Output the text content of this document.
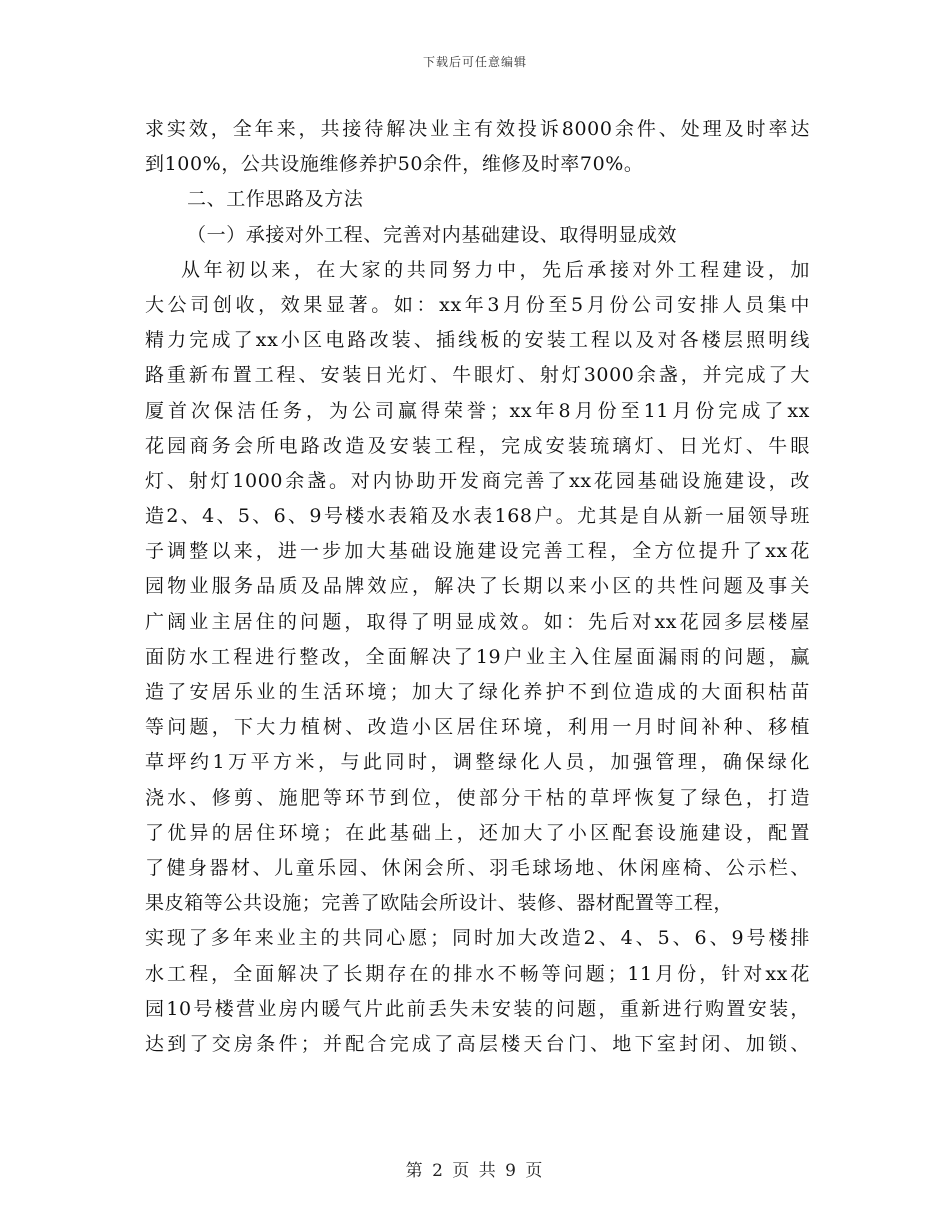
下载后可任意编辑
求实效，全年来，共接待解决业主有效投诉8000余件、处理及时率达
到100%，公共设施维修养护50余件，维修及时率70%。
二、工作思路及方法
（一）承接对外工程、完善对内基础建设、取得明显成效
从年初以来，在大家的共同努力中，先后承接对外工程建设，加
大公司创收，效果显著。如：xx年3月份至5月份公司安排人员集中
精力完成了xx小区电路改装、插线板的安装工程以及对各楼层照明线
路重新布置工程、安装日光灯、牛眼灯、射灯3000余盏，并完成了大
厦首次保洁任务，为公司赢得荣誉；xx年8月份至11月份完成了xx
花园商务会所电路改造及安装工程，完成安装琉璃灯、日光灯、牛眼
灯、射灯1000余盏。对内协助开发商完善了xx花园基础设施建设，改
造2、4、5、6、9号楼水表箱及水表168户。尤其是自从新一届领导班
子调整以来，进一步加大基础设施建设完善工程，全方位提升了xx花
园物业服务品质及品牌效应，解决了长期以来小区的共性问题及事关
广阔业主居住的问题，取得了明显成效。如：先后对xx花园多层楼屋
面防水工程进行整改，全面解决了19户业主入住屋面漏雨的问题，赢
造了安居乐业的生活环境；加大了绿化养护不到位造成的大面积枯苗
等问题，下大力植树、改造小区居住环境，利用一月时间补种、移植
草坪约1万平方米，与此同时，调整绿化人员，加强管理，确保绿化
浇水、修剪、施肥等环节到位，使部分干枯的草坪恢复了绿色，打造
了优异的居住环境；在此基础上，还加大了小区配套设施建设，配置
了健身器材、儿童乐园、休闲会所、羽毛球场地、休闲座椅、公示栏、
果皮箱等公共设施；完善了欧陆会所设计、装修、器材配置等工程，
实现了多年来业主的共同心愿；同时加大改造2、4、5、6、9号楼排
水工程，全面解决了长期存在的排水不畅等问题；11月份，针对xx花
园10号楼营业房内暖气片此前丢失未安装的问题，重新进行购置安装，
达到了交房条件；并配合完成了高层楼天台门、地下室封闭、加锁、
第 2 页 共 9 页
